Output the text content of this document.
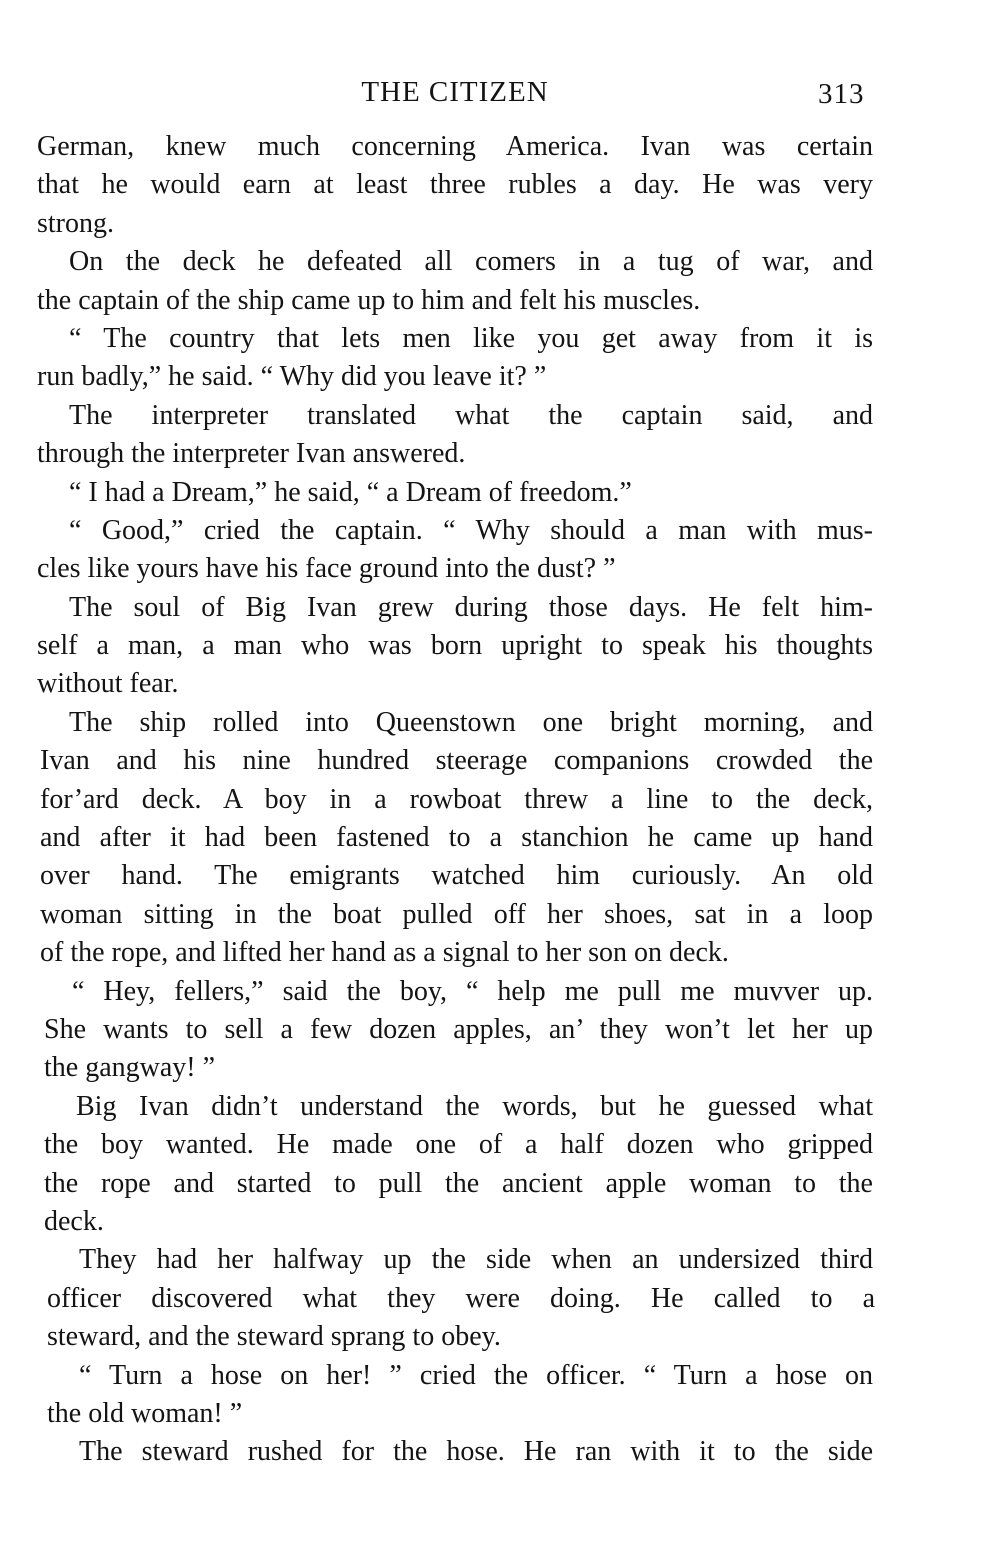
THE CITIZEN	313
German, knew much concerning America. Ivan was certain
that he would earn at least three rubles a day. He was very
strong.
On the deck he defeated all comers in a tug of war, and
the captain of the ship came up to him and felt his muscles.
“ The country that lets men like you get away from it is
run badly,” he said. “ Why did you leave it? ”
The interpreter translated what the captain said, and
through the interpreter Ivan answered.
“ I had a Dream,” he said, “ a Dream of freedom.”
“ Good,” cried the captain. “ Why should a man with mus-
cles like yours have his face ground into the dust? ”
The soul of Big Ivan grew during those days. He felt him-
self a man, a man who was born upright to speak his thoughts
without fear.
The ship rolled into Queenstown one bright morning, and
Ivan and his nine hundred steerage companions crowded the
for’ard deck. A boy in a rowboat threw a line to the deck,
and after it had been fastened to a stanchion he came up hand
over hand. The emigrants watched him curiously. An old
woman sitting in the boat pulled off her shoes, sat in a loop
of the rope, and lifted her hand as a signal to her son on deck.
“ Hey, fellers,” said the boy, “ help me pull me muvver up.
She wants to sell a few dozen apples, an’ they won’t let her up
the gangway! ”
Big Ivan didn’t understand the words, but he guessed what
the boy wanted. He made one of a half dozen who gripped
the rope and started to pull the ancient apple woman to the
deck.
They had her halfway up the side when an undersized third
officer discovered what they were doing. He called to a
steward, and the steward sprang to obey.
“ Turn a hose on her! ” cried the officer. “ Turn a hose on
the old woman! ”
The steward rushed for the hose. He ran with it to the side
